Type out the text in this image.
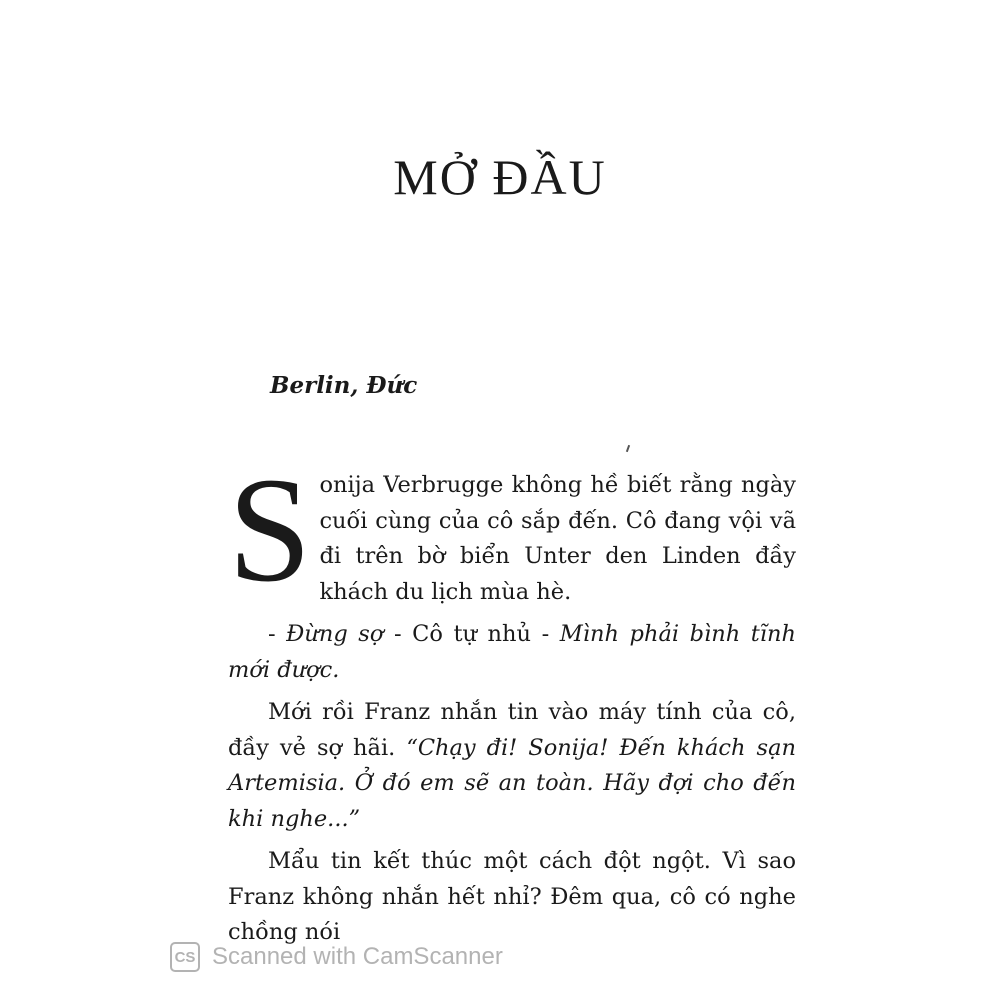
MỞ ĐẦU
Berlin, Đức

Sonija Verbrugge không hề biết rằng ngày cuối cùng của cô sắp đến. Cô đang vội vã đi trên bờ biển Unter den Linden đầy khách du lịch mùa hè.

- Đừng sợ - Cô tự nhủ - Mình phải bình tĩnh mới được.

Mới rồi Franz nhắn tin vào máy tính của cô, đầy vẻ sợ hãi. “Chạy đi! Sonija! Đến khách sạn Artemisia. Ở đó em sẽ an toàn. Hãy đợi cho đến khi nghe...”

Mẩu tin kết thúc một cách đột ngột. Vì sao Franz không nhắn hết nhỉ? Đêm qua, cô có nghe chồng nói

CS Scanned with CamScanner
